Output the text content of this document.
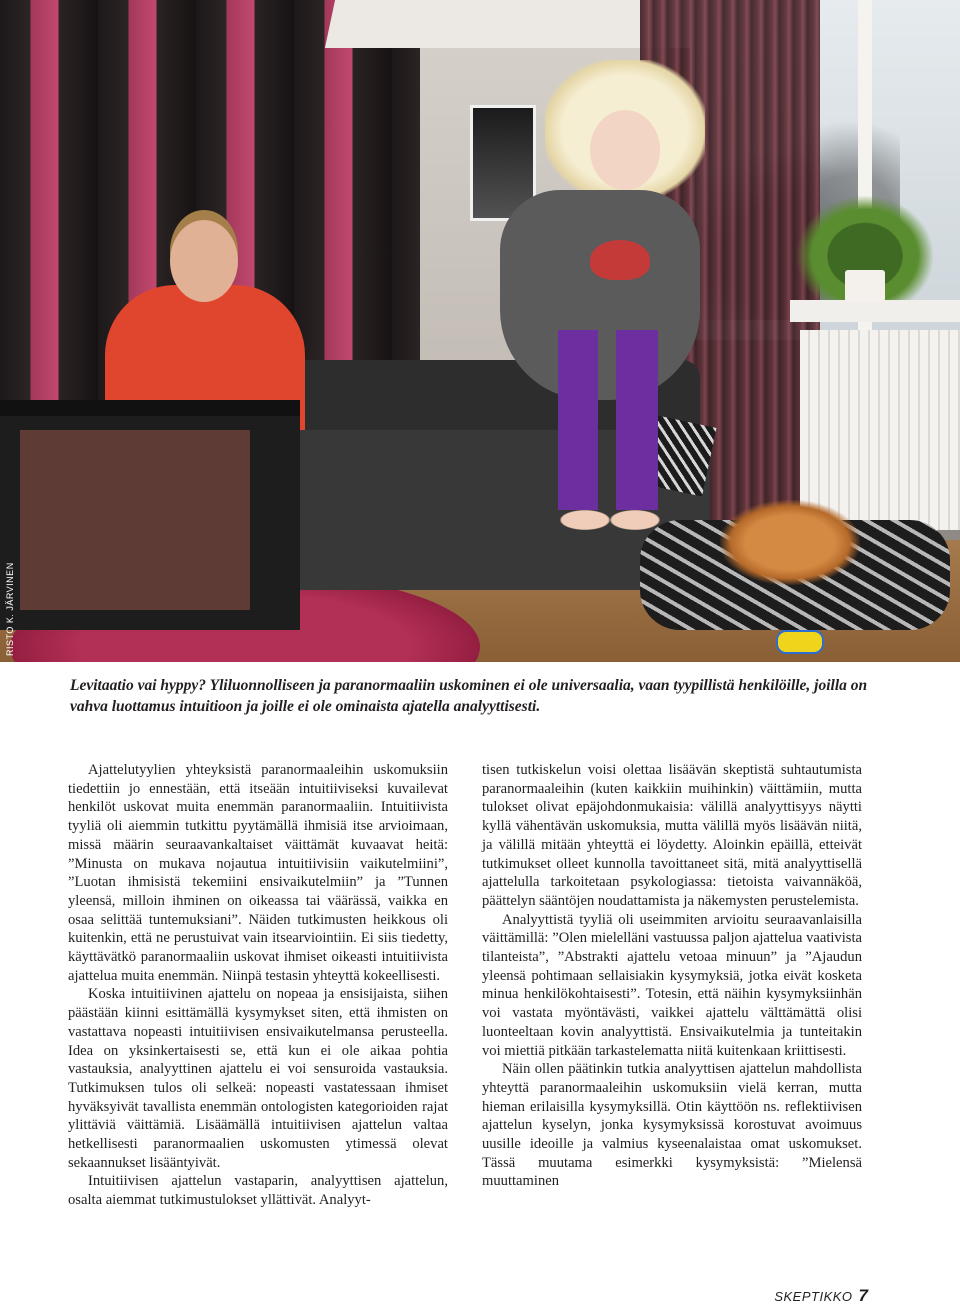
RISTO K. JÄRVINEN
Levitaatio vai hyppy? Yliluonnolliseen ja paranormaaliin uskominen ei ole universaalia, vaan tyypillistä henkilöille, joilla on vahva luottamus intuitioon ja joille ei ole ominaista ajatella analyyttisesti.

Ajattelutyylien yhteyksistä paranormaaleihin uskomuksiin tiedettiin jo ennestään, että itseään intuitiiviseksi kuvailevat henkilöt uskovat muita enemmän paranormaaliin. Intuitiivista tyyliä oli aiemmin tutkittu pyytämällä ihmisiä itse arvioimaan, missä määrin seuraavankaltaiset väittämät kuvaavat heitä: ”Minusta on mukava nojautua intuitiivisiin vaikutelmiini”, ”Luotan ihmisistä tekemiini ensivaikutelmiin” ja ”Tunnen yleensä, milloin ihminen on oikeassa tai väärässä, vaikka en osaa selittää tuntemuksiani”. Näiden tutkimusten heikkous oli kuitenkin, että ne perustuivat vain itsearviointiin. Ei siis tiedetty, käyttävätkö paranormaaliin uskovat ihmiset oikeasti intuitiivista ajattelua muita enemmän. Niinpä testasin yhteyttä kokeellisesti.

Koska intuitiivinen ajattelu on nopeaa ja ensisijaista, siihen päästään kiinni esittämällä kysymykset siten, että ihmisten on vastattava nopeasti intuitiivisen ensivaikutelmansa perusteella. Idea on yksinkertaisesti se, että kun ei ole aikaa pohtia vastauksia, analyyttinen ajattelu ei voi sensuroida vastauksia. Tutkimuksen tulos oli selkeä: nopeasti vastatessaan ihmiset hyväksyivät tavallista enemmän ontologisten kategorioiden rajat ylittäviä väittämiä. Lisäämällä intuitiivisen ajattelun valtaa hetkellisesti paranormaalien uskomusten ytimessä olevat sekaannukset lisääntyivät.

Intuitiivisen ajattelun vastaparin, analyyttisen ajattelun, osalta aiemmat tutkimustulokset yllättivät. Analyyt-

tisen tutkiskelun voisi olettaa lisäävän skeptistä suhtautumista paranormaaleihin (kuten kaikkiin muihinkin) väittämiin, mutta tulokset olivat epäjohdonmukaisia: välillä analyyttisyys näytti kyllä vähentävän uskomuksia, mutta välillä myös lisäävän niitä, ja välillä mitään yhteyttä ei löydetty. Aloinkin epäillä, etteivät tutkimukset olleet kunnolla tavoittaneet sitä, mitä analyyttisellä ajattelulla tarkoitetaan psykologiassa: tietoista vaivannäköä, päättelyn sääntöjen noudattamista ja näkemysten perustelemista.

Analyyttistä tyyliä oli useimmiten arvioitu seuraavanlaisilla väittämillä: ”Olen mielelläni vastuussa paljon ajattelua vaativista tilanteista”, ”Abstrakti ajattelu vetoaa minuun” ja ”Ajaudun yleensä pohtimaan sellaisiakin kysymyksiä, jotka eivät kosketa minua henkilökohtaisesti”. Totesin, että näihin kysymyksiinhän voi vastata myöntävästi, vaikkei ajattelu välttämättä olisi luonteeltaan kovin analyyttistä. Ensivaikutelmia ja tunteitakin voi miettiä pitkään tarkastelematta niitä kuitenkaan kriittisesti.

Näin ollen päätinkin tutkia analyyttisen ajattelun mahdollista yhteyttä paranormaaleihin uskomuksiin vielä kerran, mutta hieman erilaisilla kysymyksillä. Otin käyttöön ns. reflektiivisen ajattelun kyselyn, jonka kysymyksissä korostuvat avoimuus uusille ideoille ja valmius kyseenalaistaa omat uskomukset. Tässä muutama esimerkki kysymyksistä: ”Mielensä muuttaminen

SKEPTIKKO 7
